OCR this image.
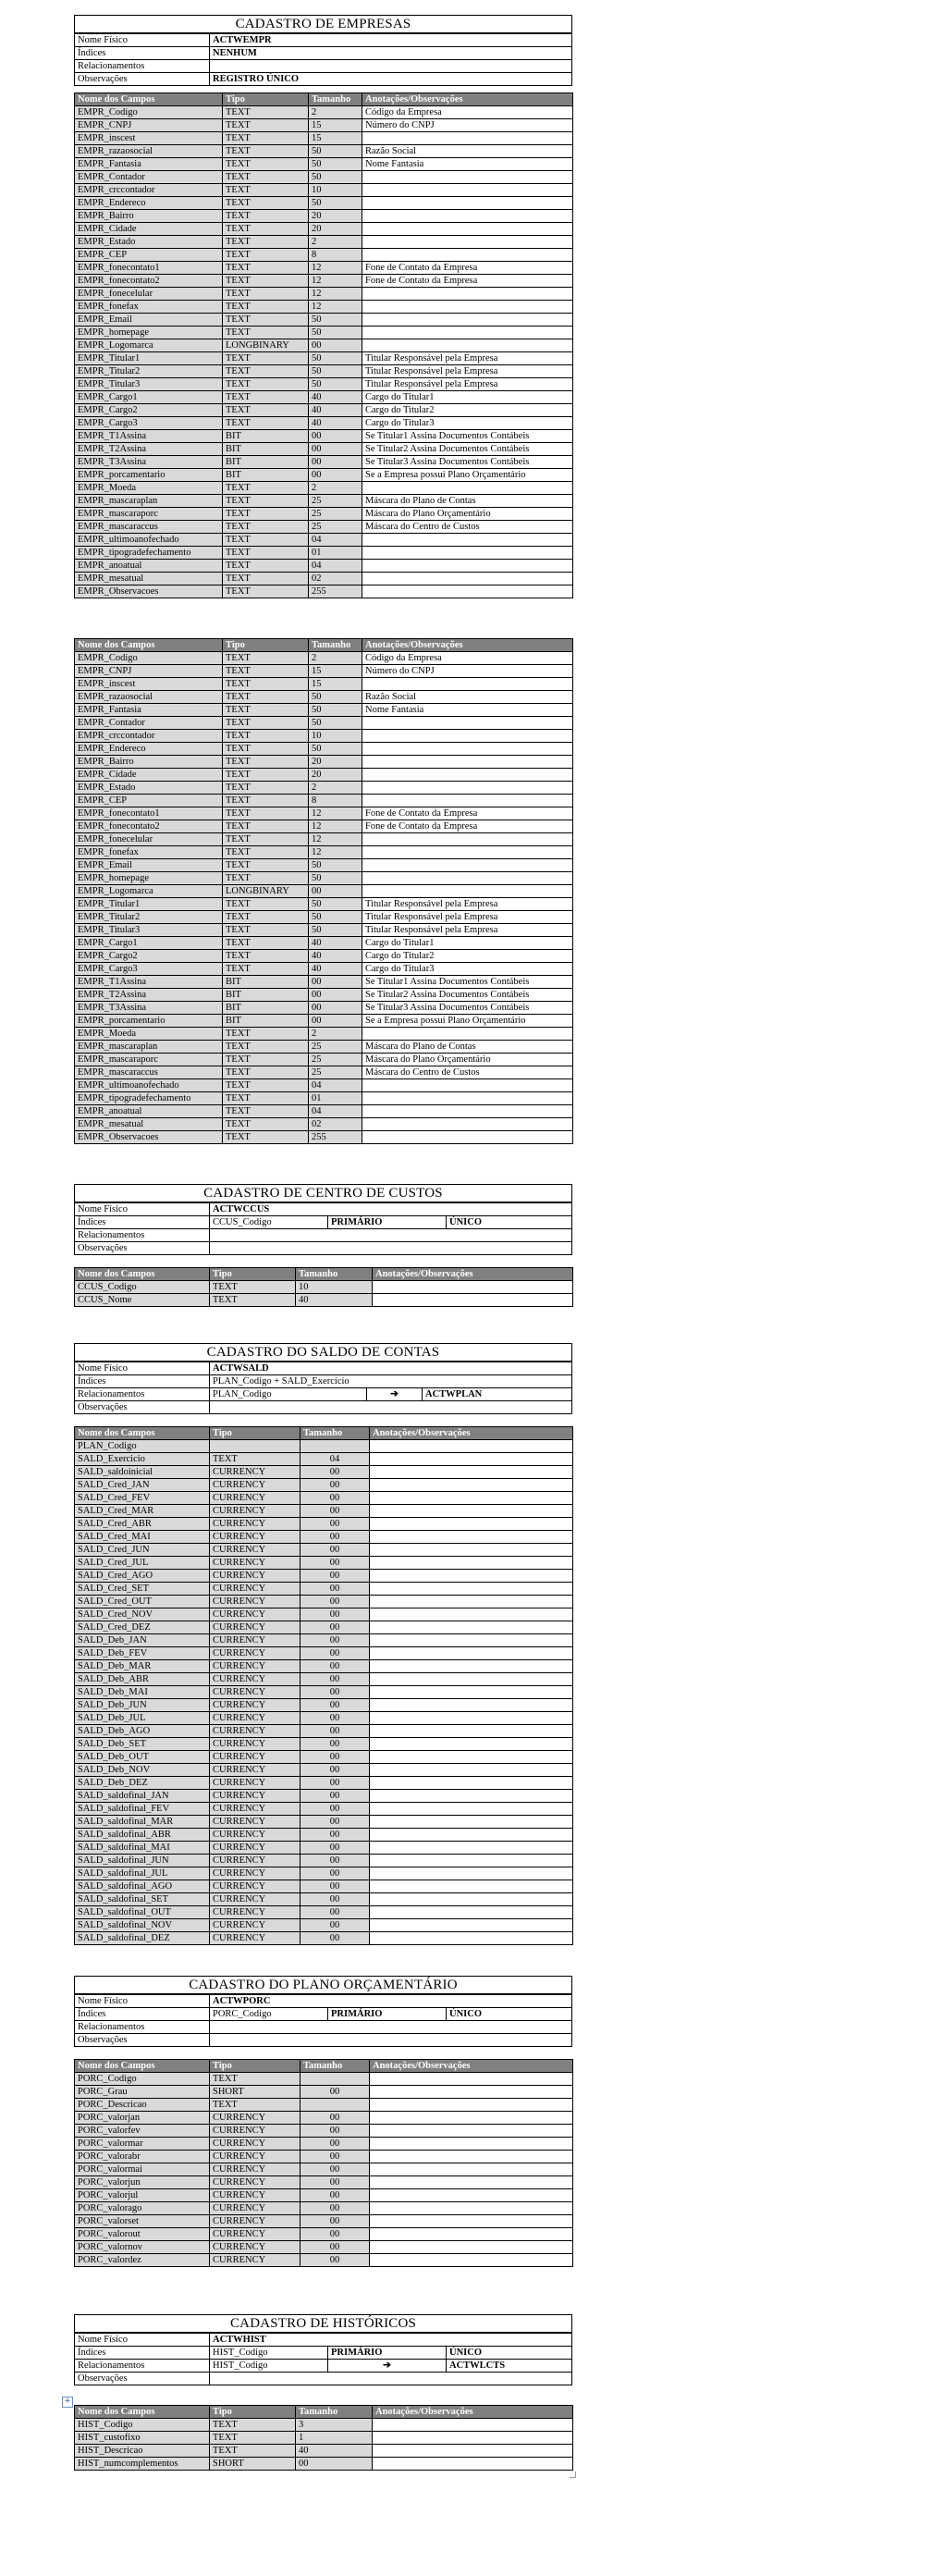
CADASTRO DE EMPRESAS
Nome Físico	ACTWEMPR
Índices	NENHUM
Relacionamentos	
Observações	REGISTRO ÚNICO
Nome dos Campos	Tipo	Tamanho	Anotações/Observações
EMPR_Codigo	TEXT	2	Código da Empresa
EMPR_CNPJ	TEXT	15	Número do CNPJ
EMPR_inscest	TEXT	15	
EMPR_razaosocial	TEXT	50	Razão Social
EMPR_Fantasia	TEXT	50	Nome Fantasia
EMPR_Contador	TEXT	50	
EMPR_crccontador	TEXT	10	
EMPR_Endereco	TEXT	50	
EMPR_Bairro	TEXT	20	
EMPR_Cidade	TEXT	20	
EMPR_Estado	TEXT	2	
EMPR_CEP	TEXT	8	
EMPR_fonecontato1	TEXT	12	Fone de Contato da Empresa
EMPR_fonecontato2	TEXT	12	Fone de Contato da Empresa
EMPR_fonecelular	TEXT	12	
EMPR_fonefax	TEXT	12	
EMPR_Email	TEXT	50	
EMPR_homepage	TEXT	50	
EMPR_Logomarca	LONGBINARY	00	
EMPR_Titular1	TEXT	50	Titular Responsável pela Empresa
EMPR_Titular2	TEXT	50	Titular Responsável pela Empresa
EMPR_Titular3	TEXT	50	Titular Responsável pela Empresa
EMPR_Cargo1	TEXT	40	Cargo do Titular1
EMPR_Cargo2	TEXT	40	Cargo do Titular2
EMPR_Cargo3	TEXT	40	Cargo do Titular3
EMPR_T1Assina	BIT	00	Se Titular1 Assina Documentos Contábeis
EMPR_T2Assina	BIT	00	Se Titular2 Assina Documentos Contábeis
EMPR_T3Assina	BIT	00	Se Titular3 Assina Documentos Contábeis
EMPR_porcamentario	BIT	00	Se a Empresa possui Plano Orçamentário
EMPR_Moeda	TEXT	2	
EMPR_mascaraplan	TEXT	25	Máscara do Plano de Contas
EMPR_mascaraporc	TEXT	25	Máscara do Plano Orçamentário
EMPR_mascaraccus	TEXT	25	Máscara do Centro de Custos
EMPR_ultimoanofechado	TEXT	04	
EMPR_tipogradefechamento	TEXT	01	
EMPR_anoatual	TEXT	04	
EMPR_mesatual	TEXT	02	
EMPR_Observacoes	TEXT	255	
Nome dos Campos	Tipo	Tamanho	Anotações/Observações
EMPR_Codigo	TEXT	2	Código da Empresa
EMPR_CNPJ	TEXT	15	Número do CNPJ
EMPR_inscest	TEXT	15	
EMPR_razaosocial	TEXT	50	Razão Social
EMPR_Fantasia	TEXT	50	Nome Fantasia
EMPR_Contador	TEXT	50	
EMPR_crccontador	TEXT	10	
EMPR_Endereco	TEXT	50	
EMPR_Bairro	TEXT	20	
EMPR_Cidade	TEXT	20	
EMPR_Estado	TEXT	2	
EMPR_CEP	TEXT	8	
EMPR_fonecontato1	TEXT	12	Fone de Contato da Empresa
EMPR_fonecontato2	TEXT	12	Fone de Contato da Empresa
EMPR_fonecelular	TEXT	12	
EMPR_fonefax	TEXT	12	
EMPR_Email	TEXT	50	
EMPR_homepage	TEXT	50	
EMPR_Logomarca	LONGBINARY	00	
EMPR_Titular1	TEXT	50	Titular Responsável pela Empresa
EMPR_Titular2	TEXT	50	Titular Responsável pela Empresa
EMPR_Titular3	TEXT	50	Titular Responsável pela Empresa
EMPR_Cargo1	TEXT	40	Cargo do Titular1
EMPR_Cargo2	TEXT	40	Cargo do Titular2
EMPR_Cargo3	TEXT	40	Cargo do Titular3
EMPR_T1Assina	BIT	00	Se Titular1 Assina Documentos Contábeis
EMPR_T2Assina	BIT	00	Se Titular2 Assina Documentos Contábeis
EMPR_T3Assina	BIT	00	Se Titular3 Assina Documentos Contábeis
EMPR_porcamentario	BIT	00	Se a Empresa possui Plano Orçamentário
EMPR_Moeda	TEXT	2	
EMPR_mascaraplan	TEXT	25	Máscara do Plano de Contas
EMPR_mascaraporc	TEXT	25	Máscara do Plano Orçamentário
EMPR_mascaraccus	TEXT	25	Máscara do Centro de Custos
EMPR_ultimoanofechado	TEXT	04	
EMPR_tipogradefechamento	TEXT	01	
EMPR_anoatual	TEXT	04	
EMPR_mesatual	TEXT	02	
EMPR_Observacoes	TEXT	255	
CADASTRO DE CENTRO DE CUSTOS
Nome Físico	ACTWCCUS		
Índices	CCUS_Codigo	PRIMÁRIO	ÚNICO
Relacionamentos			
Observações			
Nome dos Campos	Tipo	Tamanho	Anotações/Observações
CCUS_Codigo	TEXT	10	
CCUS_Nome	TEXT	40	
CADASTRO DO SALDO DE CONTAS
Nome Físico	ACTWSALD		
Índices	PLAN_Codigo + SALD_Exercicio		
Relacionamentos	PLAN_Codigo	➔	ACTWPLAN
Observações			
Nome dos Campos	Tipo	Tamanho	Anotações/Observações
PLAN_Codigo			
SALD_Exercicio	TEXT	04	
SALD_saldoinicial	CURRENCY	00	
SALD_Cred_JAN	CURRENCY	00	
SALD_Cred_FEV	CURRENCY	00	
SALD_Cred_MAR	CURRENCY	00	
SALD_Cred_ABR	CURRENCY	00	
SALD_Cred_MAI	CURRENCY	00	
SALD_Cred_JUN	CURRENCY	00	
SALD_Cred_JUL	CURRENCY	00	
SALD_Cred_AGO	CURRENCY	00	
SALD_Cred_SET	CURRENCY	00	
SALD_Cred_OUT	CURRENCY	00	
SALD_Cred_NOV	CURRENCY	00	
SALD_Cred_DEZ	CURRENCY	00	
SALD_Deb_JAN	CURRENCY	00	
SALD_Deb_FEV	CURRENCY	00	
SALD_Deb_MAR	CURRENCY	00	
SALD_Deb_ABR	CURRENCY	00	
SALD_Deb_MAI	CURRENCY	00	
SALD_Deb_JUN	CURRENCY	00	
SALD_Deb_JUL	CURRENCY	00	
SALD_Deb_AGO	CURRENCY	00	
SALD_Deb_SET	CURRENCY	00	
SALD_Deb_OUT	CURRENCY	00	
SALD_Deb_NOV	CURRENCY	00	
SALD_Deb_DEZ	CURRENCY	00	
SALD_saldofinal_JAN	CURRENCY	00	
SALD_saldofinal_FEV	CURRENCY	00	
SALD_saldofinal_MAR	CURRENCY	00	
SALD_saldofinal_ABR	CURRENCY	00	
SALD_saldofinal_MAI	CURRENCY	00	
SALD_saldofinal_JUN	CURRENCY	00	
SALD_saldofinal_JUL	CURRENCY	00	
SALD_saldofinal_AGO	CURRENCY	00	
SALD_saldofinal_SET	CURRENCY	00	
SALD_saldofinal_OUT	CURRENCY	00	
SALD_saldofinal_NOV	CURRENCY	00	
SALD_saldofinal_DEZ	CURRENCY	00	
CADASTRO DO PLANO ORÇAMENTÁRIO
Nome Físico	ACTWPORC		
Índices	PORC_Codigo	PRIMÁRIO	ÚNICO
Relacionamentos			
Observações			
Nome dos Campos	Tipo	Tamanho	Anotações/Observações
PORC_Codigo	TEXT		
PORC_Grau	SHORT	00	
PORC_Descricao	TEXT		
PORC_valorjan	CURRENCY	00	
PORC_valorfev	CURRENCY	00	
PORC_valormar	CURRENCY	00	
PORC_valorabr	CURRENCY	00	
PORC_valormai	CURRENCY	00	
PORC_valorjun	CURRENCY	00	
PORC_valorjul	CURRENCY	00	
PORC_valorago	CURRENCY	00	
PORC_valorset	CURRENCY	00	
PORC_valorout	CURRENCY	00	
PORC_valornov	CURRENCY	00	
PORC_valordez	CURRENCY	00	
CADASTRO DE HISTÓRICOS
Nome Físico	ACTWHIST		
Índices	HIST_Codigo	PRIMÁRIO	ÚNICO
Relacionamentos	HIST_Codigo	➔	ACTWLCTS
Observações			
+
Nome dos Campos	Tipo	Tamanho	Anotações/Observações
HIST_Codigo	TEXT	3	
HIST_custofixo	TEXT	1	
HIST_Descricao	TEXT	40	
HIST_numcomplementos	SHORT	00	
